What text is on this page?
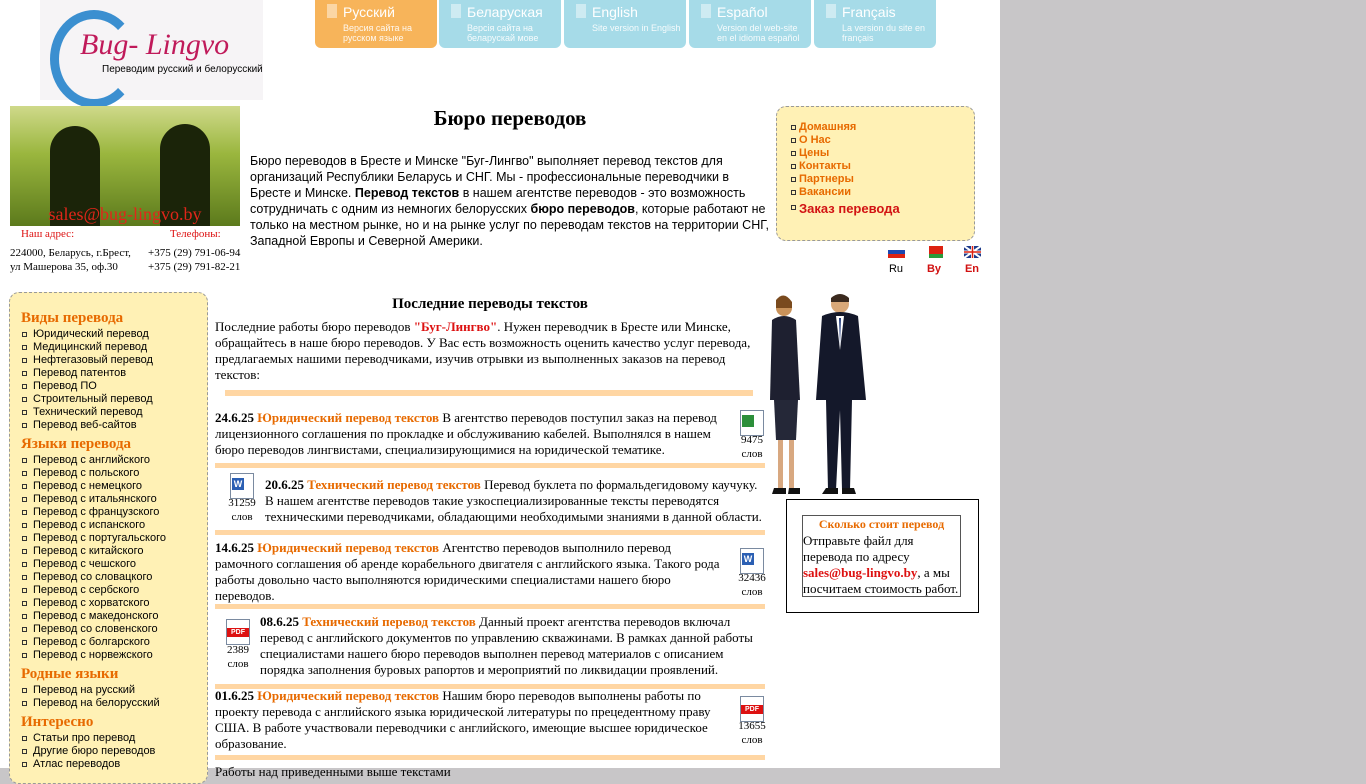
Bug- Lingvo
Переводим русский и белорусский
Русский
Версия сайта на русском языке
Беларуская
Версія сайта на беларускай мове
English
Site version in English
Español
Version del web-site en el idioma español
Français
La version du site en français
sales@bug-lingvo.by
Наш адрес:	Телефоны:
224000, Беларусь, г.Брест,
ул Машерова 35, оф.30
+375 (29) 791-06-94
+375 (29) 791-82-21
Бюро переводов
Бюро переводов в Бресте и Минске "Буг-Лингво" выполняет перевод текстов для организаций Республики Беларусь и СНГ. Мы - профессиональные переводчики в Бресте и Минске. Перевод текстов в нашем агентстве переводов - это возможность сотрудничать с одним из немногих белорусских бюро переводов, которые работают не только на местном рынке, но и на рынке услуг по переводам текстов на территории СНГ, Западной Европы и Северной Америки.
Домашняя
О Нас
Цены
Контакты
Партнеры
Вакансии
Заказ перевода
Ru	By	En
Виды перевода
Юридический перевод
Медицинский перевод
Нефтегазовый перевод
Перевод патентов
Перевод ПО
Строительный перевод
Технический перевод
Перевод веб-сайтов
Языки перевода
Перевод с английского
Перевод с польского
Перевод с немецкого
Перевод с итальянского
Перевод с французского
Перевод с испанского
Перевод с португальского
Перевод с китайского
Перевод с чешского
Перевод со словацкого
Перевод с сербского
Перевод с хорватского
Перевод с македонского
Перевод со словенского
Перевод с болгарского
Перевод с норвежского
Родные языки
Перевод на русский
Перевод на белорусский
Интересно
Статьи про перевод
Другие бюро переводов
Атлас переводов
Последние переводы текстов
Последние работы бюро переводов "Буг-Лингво". Нужен переводчик в Бресте или Минске, обращайтесь в наше бюро переводов. У Вас есть возможность оценить качество услуг перевода, предлагаемых нашими переводчиками, изучив отрывки из выполненных заказов на перевод текстов:
24.6.25 Юридический перевод текстов В агентство переводов поступил заказ на перевод лицензионного соглашения по прокладке и обслуживанию кабелей. Выполнялся в нашем бюро переводов лингвистами, специализирующимися на юридической тематике.
9475
слов
20.6.25 Технический перевод текстов Перевод буклета по формальдегидовому каучуку. В нашем агентстве переводов такие узкоспециализированные тексты переводятся техническими переводчиками, обладающими необходимыми знаниями в данной области.
W
31259
слов
14.6.25 Юридический перевод текстов Агентство переводов выполнило перевод рамочного соглашения об аренде корабельного двигателя с английского языка. Такого рода работы довольно часто выполняются юридическими специалистами нашего бюро переводов.
W
32436
слов
08.6.25 Технический перевод текстов Данный проект агентства переводов включал перевод с английского документов по управлению скважинами. В рамках данной работы специалистами нашего бюро переводов выполнен перевод материалов с описанием порядка заполнения буровых рапортов и мероприятий по ликвидации проявлений.
PDF
2389
слов
01.6.25 Юридический перевод текстов Нашим бюро переводов выполнены работы по проекту перевода с английского языка юридической литературы по прецедентному праву США. В работе участвовали переводчики с английского, имеющие высшее юридическое образование.
PDF
13655
слов
Сколько стоит перевод
Отправьте файл для перевода по адресу sales@bug-lingvo.by, а мы посчитаем стоимость работ.
Работы над приведенными выше текстами
